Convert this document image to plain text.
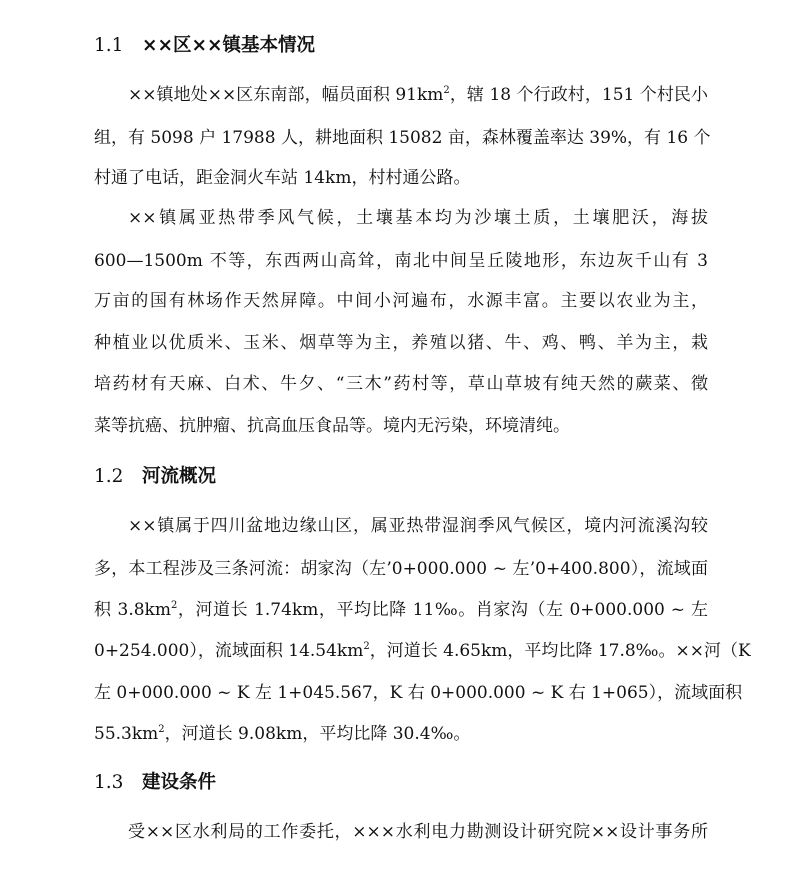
1.1 ××区××镇基本情况
××镇地处××区东南部，幅员面积 $91km^2$，辖 18 个行政村，151 个村民小
组，有 5098 户 17988 人，耕地面积 15082 亩，森林覆盖率达 39%，有 16 个
村通了电话，距金洞火车站 14km，村村通公路。
××镇属亚热带季风气候，土壤基本均为沙壤土质，土壤肥沃，海拔
600—1500m 不等，东西两山高耸，南北中间呈丘陵地形，东边灰千山有 3
万亩的国有林场作天然屏障。中间小河遍布，水源丰富。主要以农业为主，
种植业以优质米、玉米、烟草等为主，养殖以猪、牛、鸡、鸭、羊为主，栽
培药材有天麻、白术、牛夕、“三木”药村等，草山草坡有纯天然的蕨菜、徵
菜等抗癌、抗肿瘤、抗高血压食品等。境内无污染，环境清纯。
1.2 河流概况
××镇属于四川盆地边缘山区，属亚热带湿润季风气候区，境内河流溪沟较
多，本工程涉及三条河流：胡家沟（左’0+000.000 ~ 左’0+400.800），流域面
积 $3.8km^2$，河道长 1.74km，平均比降 11‰。肖家沟（左 0+000.000 ~ 左
0+254.000），流域面积 $14.54km^2$，河道长 4.65km，平均比降 17.8‰。××河（K
左 0+000.000 ~ K 左 1+045.567，K 右 0+000.000 ~ K 右 1+065），流域面积
$55.3km^2$，河道长 9.08km，平均比降 30.4‰。
1.3 建设条件
受××区水利局的工作委托，×××水利电力勘测设计研究院××设计事务所
